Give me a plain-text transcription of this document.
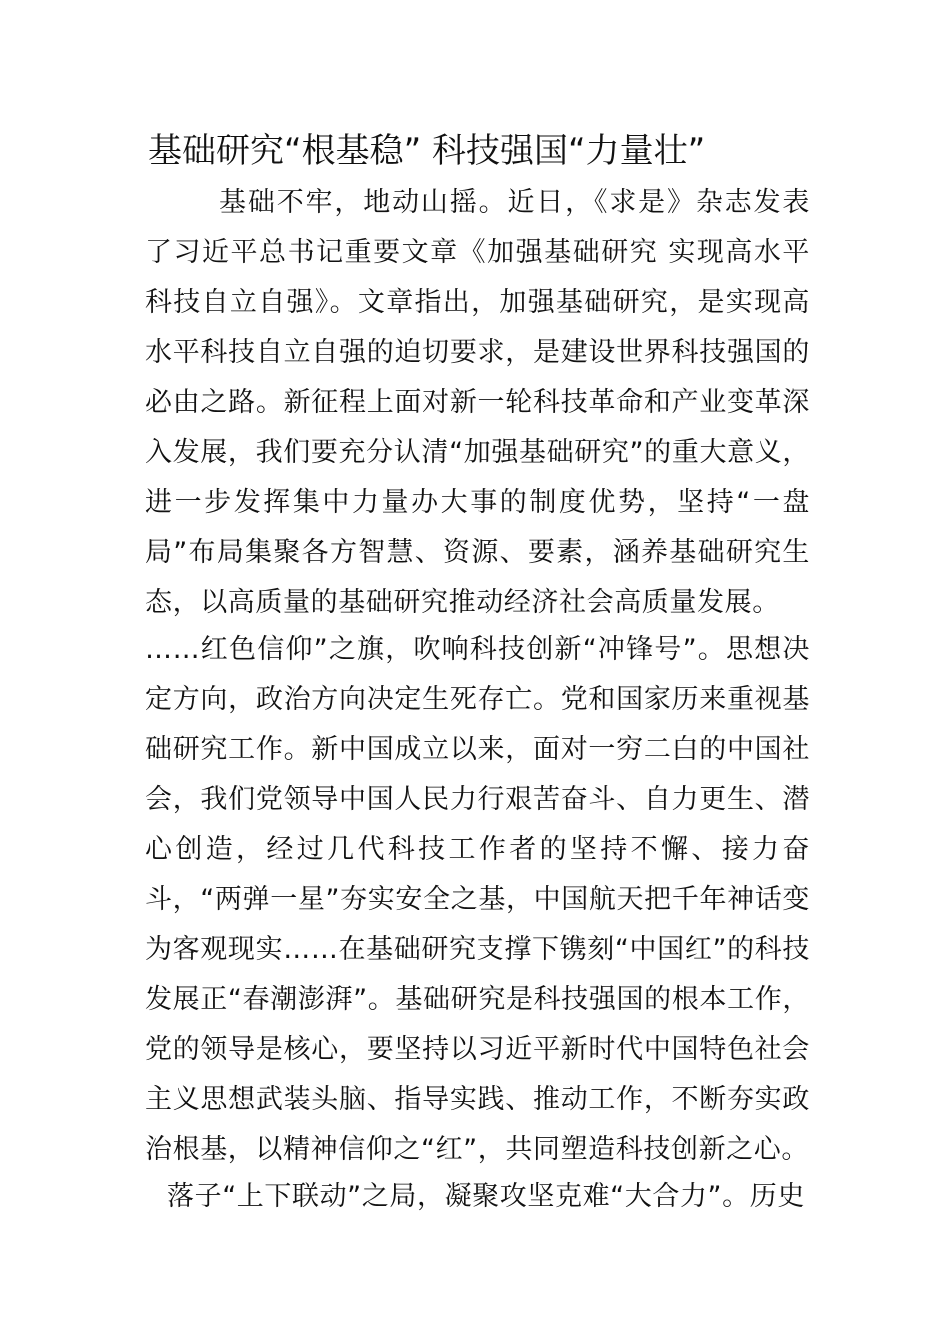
基础研究“根基稳” 科技强国“力量壮”

基础不牢，地动山摇。近日，《求是》杂志发表了习近平总书记重要文章《加强基础研究 实现高水平科技自立自强》。文章指出，加强基础研究，是实现高水平科技自立自强的迫切要求，是建设世界科技强国的必由之路。新征程上面对新一轮科技革命和产业变革深入发展，我们要充分认清“加强基础研究”的重大意义，进一步发挥集中力量办大事的制度优势，坚持“一盘局”布局集聚各方智慧、资源、要素，涵养基础研究生态，以高质量的基础研究推动经济社会高质量发展。

……红色信仰”之旗，吹响科技创新“冲锋号”。思想决定方向，政治方向决定生死存亡。党和国家历来重视基础研究工作。新中国成立以来，面对一穷二白的中国社会，我们党领导中国人民力行艰苦奋斗、自力更生、潜心创造，经过几代科技工作者的坚持不懈、接力奋斗，“两弹一星”夯实安全之基，中国航天把千年神话变为客观现实……在基础研究支撑下镌刻“中国红”的科技发展正“春潮澎湃”。基础研究是科技强国的根本工作，党的领导是核心，要坚持以习近平新时代中国特色社会主义思想武装头脑、指导实践、推动工作，不断夯实政治根基，以精神信仰之“红”，共同塑造科技创新之心。

落子“上下联动”之局，凝聚攻坚克难“大合力”。历史
